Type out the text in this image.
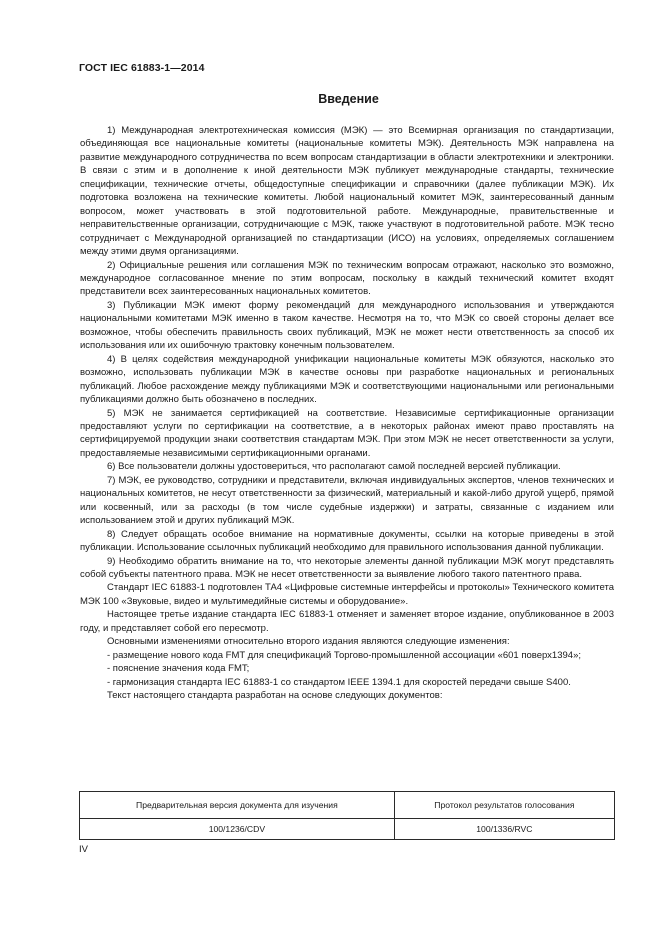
ГОСТ IEC 61883-1—2014
Введение

1) Международная электротехническая комиссия (МЭК) — это Всемирная организация по стандартизации, объединяющая все национальные комитеты (национальные комитеты МЭК). Деятельность МЭК направлена на развитие международного сотрудничества по всем вопросам стандартизации в области электротехники и электроники. В связи с этим и в дополнение к иной деятельности МЭК публикует международные стандарты, технические спецификации, технические отчеты, общедоступные спецификации и справочники (далее публикации МЭК). Их подготовка возложена на технические комитеты. Любой национальный комитет МЭК, заинтересованный данным вопросом, может участвовать в этой подготовительной работе. Международные, правительственные и неправительственные организации, сотрудничающие с МЭК, также участвуют в подготовительной работе. МЭК тесно сотрудничает с Международной организацией по стандартизации (ИСО) на условиях, определяемых соглашением между этими двумя организациями.

2) Официальные решения или соглашения МЭК по техническим вопросам отражают, насколько это возможно, международное согласованное мнение по этим вопросам, поскольку в каждый технический комитет входят представители всех заинтересованных национальных комитетов.

3) Публикации МЭК имеют форму рекомендаций для международного использования и утверждаются национальными комитетами МЭК именно в таком качестве. Несмотря на то, что МЭК со своей стороны делает все возможное, чтобы обеспечить правильность своих публикаций, МЭК не может нести ответственность за способ их использования или их ошибочную трактовку конечным пользователем.

4) В целях содействия международной унификации национальные комитеты МЭК обязуются, насколько это возможно, использовать публикации МЭК в качестве основы при разработке национальных и региональных публикаций. Любое расхождение между публикациями МЭК и соответствующими национальными или региональными публикациями должно быть обозначено в последних.

5) МЭК не занимается сертификацией на соответствие. Независимые сертификационные организации предоставляют услуги по сертификации на соответствие, а в некоторых районах имеют право проставлять на сертифицируемой продукции знаки соответствия стандартам МЭК. При этом МЭК не несет ответственности за услуги, предоставляемые независимыми сертификационными органами.

6) Все пользователи должны удостовериться, что располагают самой последней версией публикации.

7) МЭК, ее руководство, сотрудники и представители, включая индивидуальных экспертов, членов технических и национальных комитетов, не несут ответственности за физический, материальный и какой-либо другой ущерб, прямой или косвенный, или за расходы (в том числе судебные издержки) и затраты, связанные с изданием или использованием этой и других публикаций МЭК.

8) Следует обращать особое внимание на нормативные документы, ссылки на которые приведены в этой публикации. Использование ссылочных публикаций необходимо для правильного использования данной публикации.

9) Необходимо обратить внимание на то, что некоторые элементы данной публикации МЭК могут представлять собой субъекты патентного права. МЭК не несет ответственности за выявление любого такого патентного права.

Стандарт IEC 61883-1 подготовлен ТА4 «Цифровые системные интерфейсы и протоколы» Технического комитета МЭК 100 «Звуковые, видео и мультимедийные системы и оборудование».

Настоящее третье издание стандарта IEC 61883-1 отменяет и заменяет второе издание, опубликованное в 2003 году, и представляет собой его пересмотр.

Основными изменениями относительно второго издания являются следующие изменения:

- размещение нового кода FMT для спецификаций Торгово-промышленной ассоциации «601 поверх1394»;

- пояснение значения кода FMT;

- гармонизация стандарта IEC 61883-1 со стандартом IEEE 1394.1 для скоростей передачи свыше S400.

Текст настоящего стандарта разработан на основе следующих документов:

Предварительная версия документа для изучения	Протокол результатов голосования
100/1236/CDV	100/1336/RVC
IV
